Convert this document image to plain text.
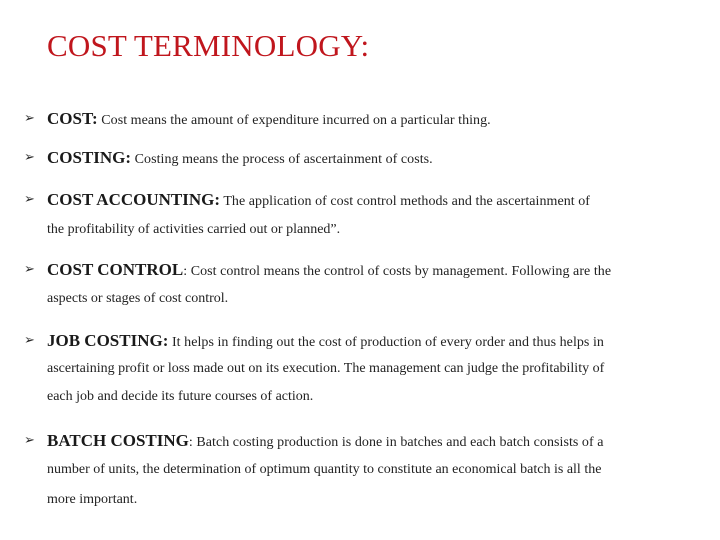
COST TERMINOLOGY:
➢ COST: Cost means the amount of expenditure incurred on a particular thing.
➢ COSTING: Costing means the process of ascertainment of costs.
➢ COST ACCOUNTING: The application of cost control methods and the ascertainment of
the profitability of activities carried out or planned”.
➢ COST CONTROL: Cost control means the control of costs by management. Following are the
aspects or stages of cost control.
➢ JOB COSTING: It helps in finding out the cost of production of every order and thus helps in
ascertaining profit or loss made out on its execution. The management can judge the profitability of
each job and decide its future courses of action.
➢ BATCH COSTING: Batch costing production is done in batches and each batch consists of a
number of units, the determination of optimum quantity to constitute an economical batch is all the
more important.
